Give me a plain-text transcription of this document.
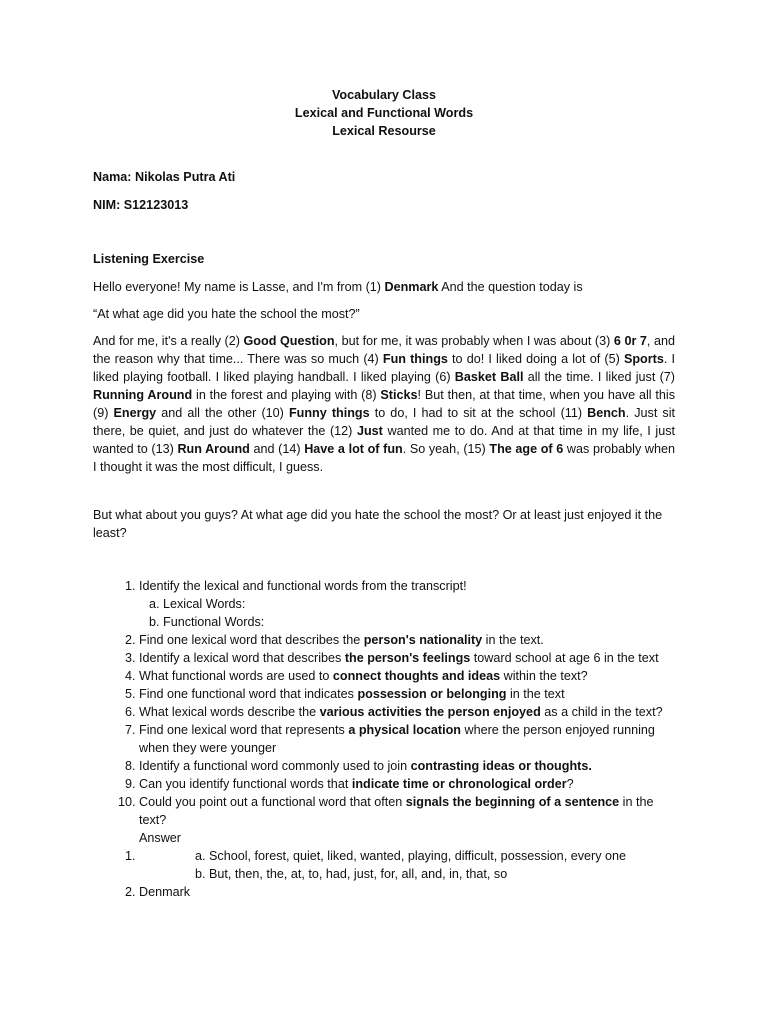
Vocabulary Class

Lexical and Functional Words

Lexical Resourse

Nama: Nikolas Putra Ati

NIM: S12123013

Listening Exercise

Hello everyone! My name is Lasse, and I'm from (1) Denmark And the question today is

“At what age did you hate the school the most?”

And for me, it's a really (2) Good Question, but for me, it was probably when I was about (3) 6 0r 7, and the reason why that time... There was so much (4) Fun things to do! I liked doing a lot of (5) Sports. I liked playing football. I liked playing handball. I liked playing (6) Basket Ball all the time. I liked just (7) Running Around in the forest and playing with (8) Sticks! But then, at that time, when you have all this (9) Energy and all the other (10) Funny things to do, I had to sit at the school (11) Bench. Just sit there, be quiet, and just do whatever the (12) Just wanted me to do. And at that time in my life, I just wanted to (13) Run Around and (14) Have a lot of fun. So yeah, (15) The age of 6 was probably when I thought it was the most difficult, I guess.

But what about you guys? At what age did you hate the school the most? Or at least just enjoyed it the least?

1. Identify the lexical and functional words from the transcript!
a. Lexical Words:
b. Functional Words:
2. Find one lexical word that describes the person's nationality in the text.
3. Identify a lexical word that describes the person's feelings toward school at age 6 in the text
4. What functional words are used to connect thoughts and ideas within the text?
5. Find one functional word that indicates possession or belonging in the text
6. What lexical words describe the various activities the person enjoyed as a child in the text?
7. Find one lexical word that represents a physical location where the person enjoyed running when they were younger
8. Identify a functional word commonly used to join contrasting ideas or thoughts.
9. Can you identify functional words that indicate time or chronological order?
10. Could you point out a functional word that often signals the beginning of a sentence in the text?
Answer
a. 1. School, forest, quiet, liked, wanted, playing, difficult, possession, every one
b. But, then, the, at, to, had, just, for, all, and, in, that, so
2. Denmark
